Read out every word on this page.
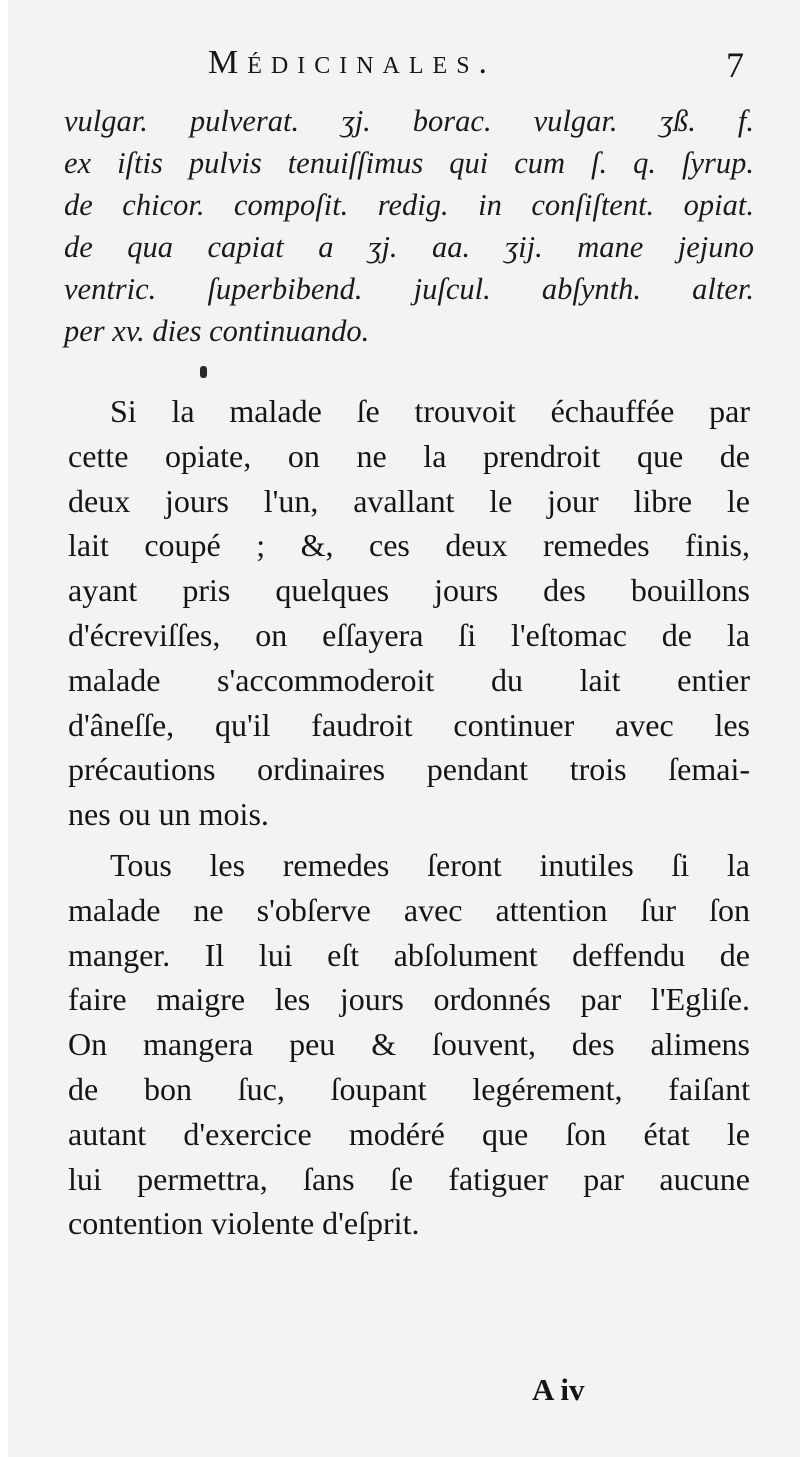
Médicinales.	7
vulgar. pulverat. ʒj. borac. vulgar. ʒß. f.
ex iſtis pulvis tenuiſſimus qui cum ſ. q. ſyrup.
de chicor. compoſit. redig. in conſiſtent. opiat.
de qua capiat a ʒj. aa. ʒij. mane jejuno
ventric. ſuperbibend. juſcul. abſynth. alter.
per xv. dies continuando.
Si la malade ſe trouvoit échauffée par
cette opiate, on ne la prendroit que de
deux jours l'un, avallant le jour libre le
lait coupé ; &, ces deux remedes finis,
ayant pris quelques jours des bouillons
d'écreviſſes, on eſſayera ſi l'eſtomac de la
malade s'accommoderoit du lait entier
d'âneſſe, qu'il faudroit continuer avec les
précautions ordinaires pendant trois ſemai-
nes ou un mois.
Tous les remedes ſeront inutiles ſi la
malade ne s'obſerve avec attention ſur ſon
manger. Il lui eſt abſolument deffendu de
faire maigre les jours ordonnés par l'Egliſe.
On mangera peu & ſouvent, des alimens
de bon ſuc, ſoupant legérement, faiſant
autant d'exercice modéré que ſon état le
lui permettra, ſans ſe fatiguer par aucune
contention violente d'eſprit.
A iv
